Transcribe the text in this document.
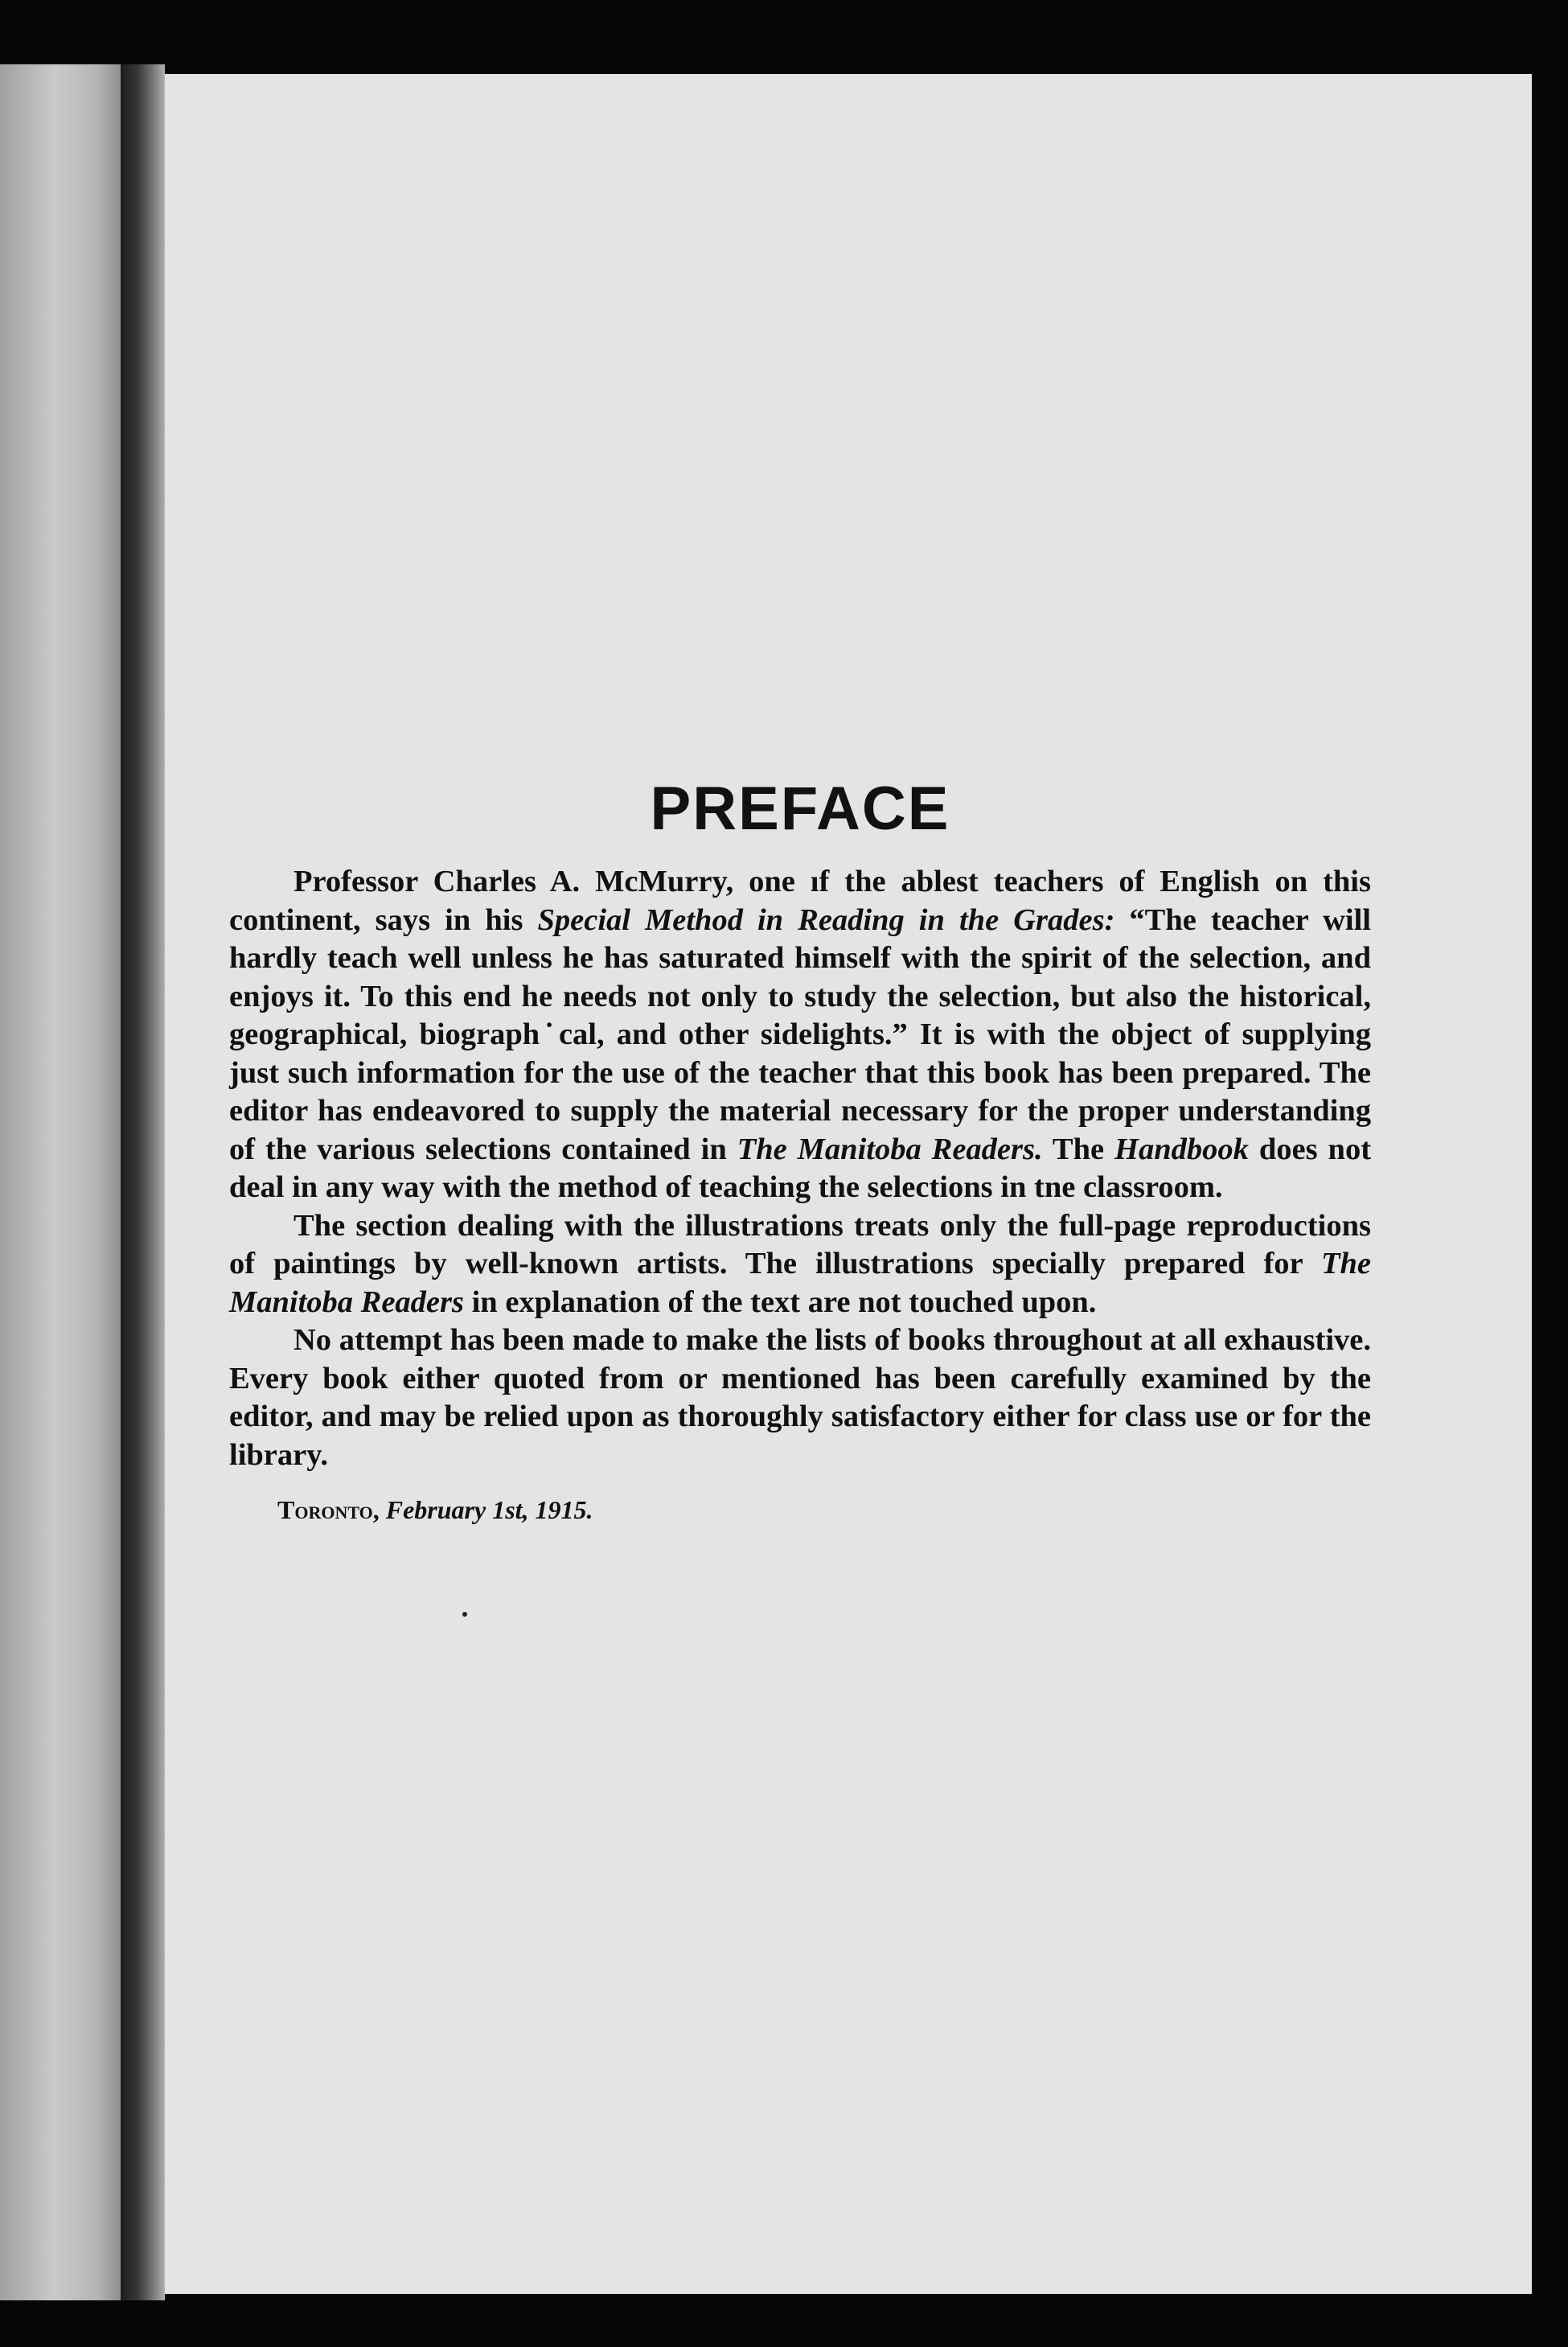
PREFACE

Professor Charles A. McMurry, one ıf the ablest teachers of English on this continent, says in his Special Method in Reading in the Grades: “The teacher will hardly teach well unless he has saturated himself with the spirit of the selection, and enjoys it. To this end he needs not only to study the selection, but also the historical, geographical, biograph˙cal, and other sidelights.” It is with the object of supplying just such information for the use of the teacher that this book has been prepared. The editor has endeavored to supply the material necessary for the proper understanding of the various selections contained in The Manitoba Readers. The Handbook does not deal in any way with the method of teaching the selections in tne classroom.

The section dealing with the illustrations treats only the full-page reproductions of paintings by well-known artists. The illustrations specially prepared for The Manitoba Readers in explanation of the text are not touched upon.

No attempt has been made to make the lists of books throughout at all exhaustive. Every book either quoted from or mentioned has been carefully examined by the editor, and may be relied upon as thoroughly satisfactory either for class use or for the library.

Toronto, February 1st, 1915.
